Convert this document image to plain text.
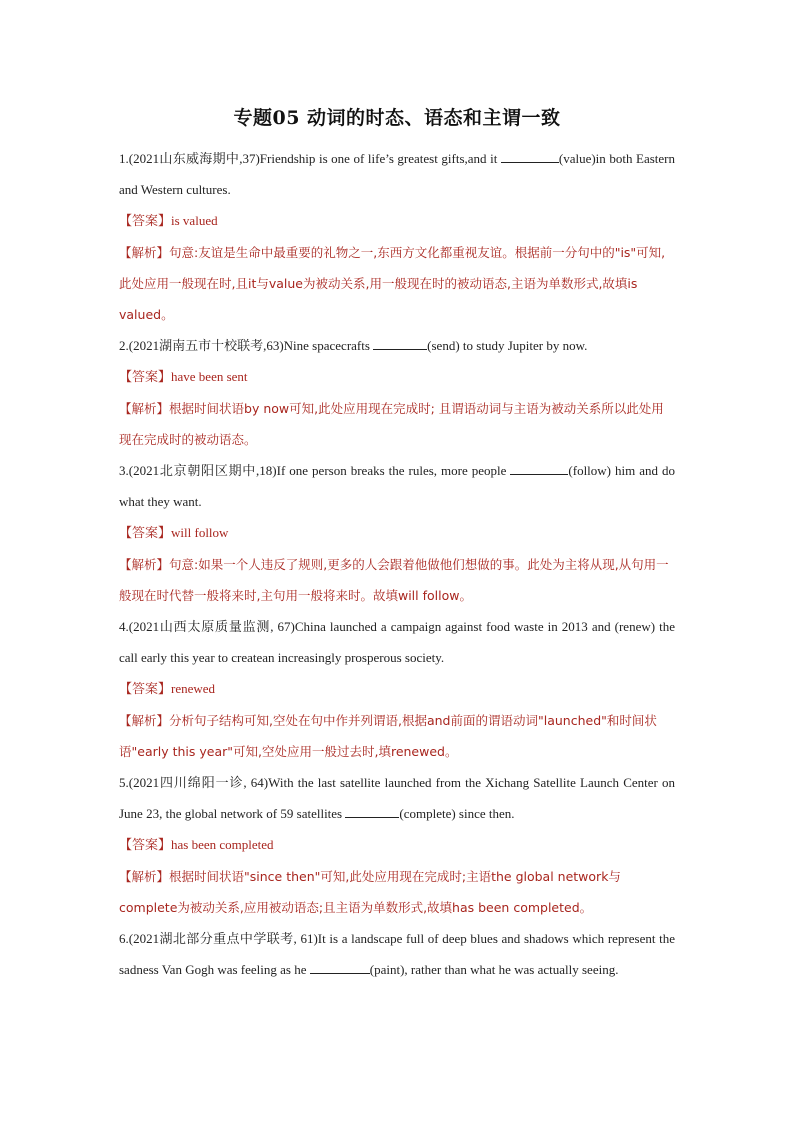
专题05 动词的时态、语态和主谓一致
1.(2021山东威海期中,37)Friendship is one of life’s greatest gifts,and it	(value)in both Eastern and Western cultures.
【答案】is valued
【解析】句意:友谊是生命中最重要的礼物之一,东西方文化都重视友谊。根据前一分句中的"is"可知,此处应用一般现在时,且it与value为被动关系,用一般现在时的被动语态,主语为单数形式,故填is valued。
2.(2021湖南五市十校联考,63)Nine spacecrafts	(send) to study Jupiter by now.
【答案】have been sent
【解析】根据时间状语by now可知,此处应用现在完成时; 且谓语动词与主语为被动关系所以此处用现在完成时的被动语态。
3.(2021北京朝阳区期中,18)If one person breaks the rules, more people	(follow) him and do what they want.
【答案】will follow
【解析】句意:如果一个人违反了规则,更多的人会跟着他做他们想做的事。此处为主将从现,从句用一般现在时代替一般将来时,主句用一般将来时。故填will follow。
4.(2021山西太原质量监测, 67)China launched a campaign against food waste in 2013 and (renew) the call early this year to createan increasingly prosperous society.
【答案】renewed
【解析】分析句子结构可知,空处在句中作并列谓语,根据and前面的谓语动词"launched"和时间状语"early this year"可知,空处应用一般过去时,填renewed。
5.(2021四川绵阳一诊, 64)With the last satellite launched from the Xichang Satellite Launch Center on June 23, the global network of 59 satellites	(complete) since then.
【答案】has been completed
【解析】根据时间状语"since then"可知,此处应用现在完成时;主语the global network与complete为被动关系,应用被动语态;且主语为单数形式,故填has been completed。
6.(2021湖北部分重点中学联考, 61)It is a landscape full of deep blues and shadows which represent the sadness Van Gogh was feeling as he	(paint), rather than what he was actually seeing.
